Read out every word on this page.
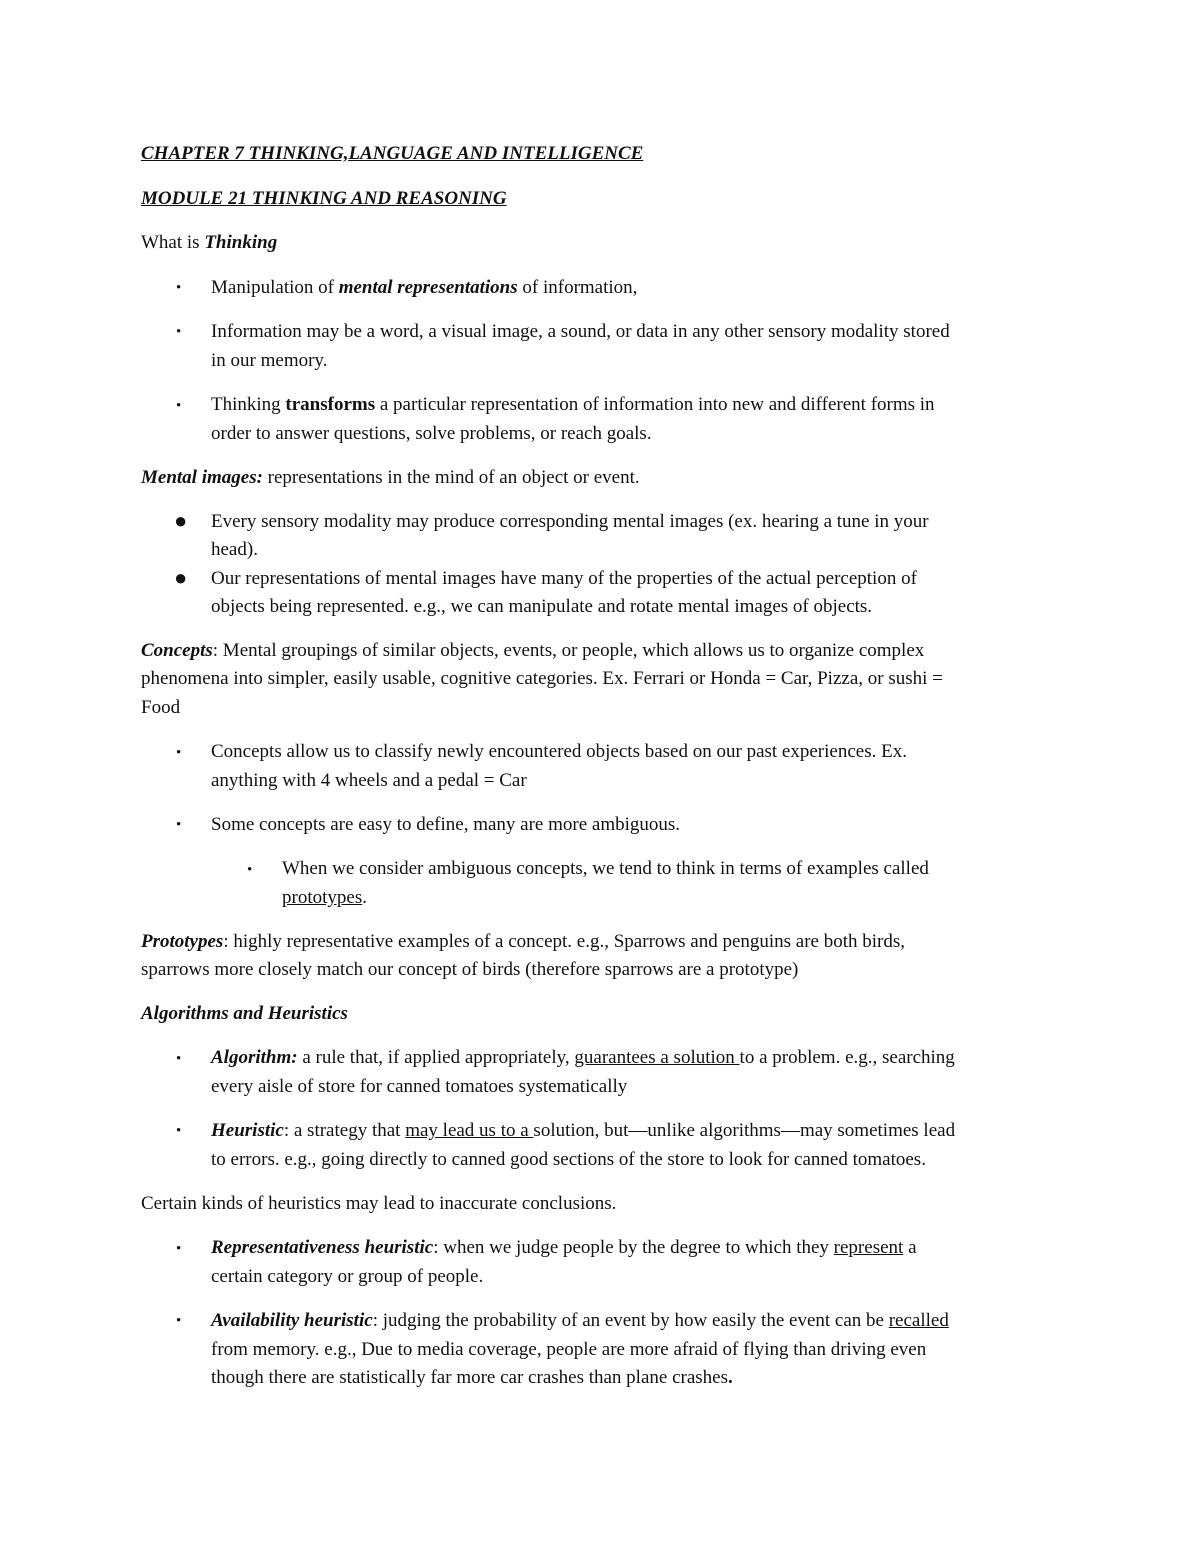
CHAPTER 7 THINKING,LANGUAGE AND INTELLIGENCE
MODULE 21 THINKING AND REASONING
What is Thinking
• Manipulation of mental representations of information,
• Information may be a word, a visual image, a sound, or data in any other sensory modality stored
in our memory.
• Thinking transforms a particular representation of information into new and different forms in
order to answer questions, solve problems, or reach goals.
Mental images: representations in the mind of an object or event.
● Every sensory modality may produce corresponding mental images (ex. hearing a tune in your
head).
● Our representations of mental images have many of the properties of the actual perception of
objects being represented. e.g., we can manipulate and rotate mental images of objects.
Concepts: Mental groupings of similar objects, events, or people, which allows us to organize complex
phenomena into simpler, easily usable, cognitive categories. Ex. Ferrari or Honda = Car, Pizza, or sushi =
Food
• Concepts allow us to classify newly encountered objects based on our past experiences. Ex.
anything with 4 wheels and a pedal = Car
• Some concepts are easy to define, many are more ambiguous.
• When we consider ambiguous concepts, we tend to think in terms of examples called
prototypes.
Prototypes: highly representative examples of a concept. e.g., Sparrows and penguins are both birds,
sparrows more closely match our concept of birds (therefore sparrows are a prototype)
Algorithms and Heuristics
• Algorithm: a rule that, if applied appropriately, guarantees a solution to a problem. e.g., searching
every aisle of store for canned tomatoes systematically
• Heuristic: a strategy that may lead us to a solution, but—unlike algorithms—may sometimes lead
to errors. e.g., going directly to canned good sections of the store to look for canned tomatoes.
Certain kinds of heuristics may lead to inaccurate conclusions.
• Representativeness heuristic: when we judge people by the degree to which they represent a
certain category or group of people.
• Availability heuristic: judging the probability of an event by how easily the event can be recalled
from memory. e.g., Due to media coverage, people are more afraid of flying than driving even
though there are statistically far more car crashes than plane crashes.
